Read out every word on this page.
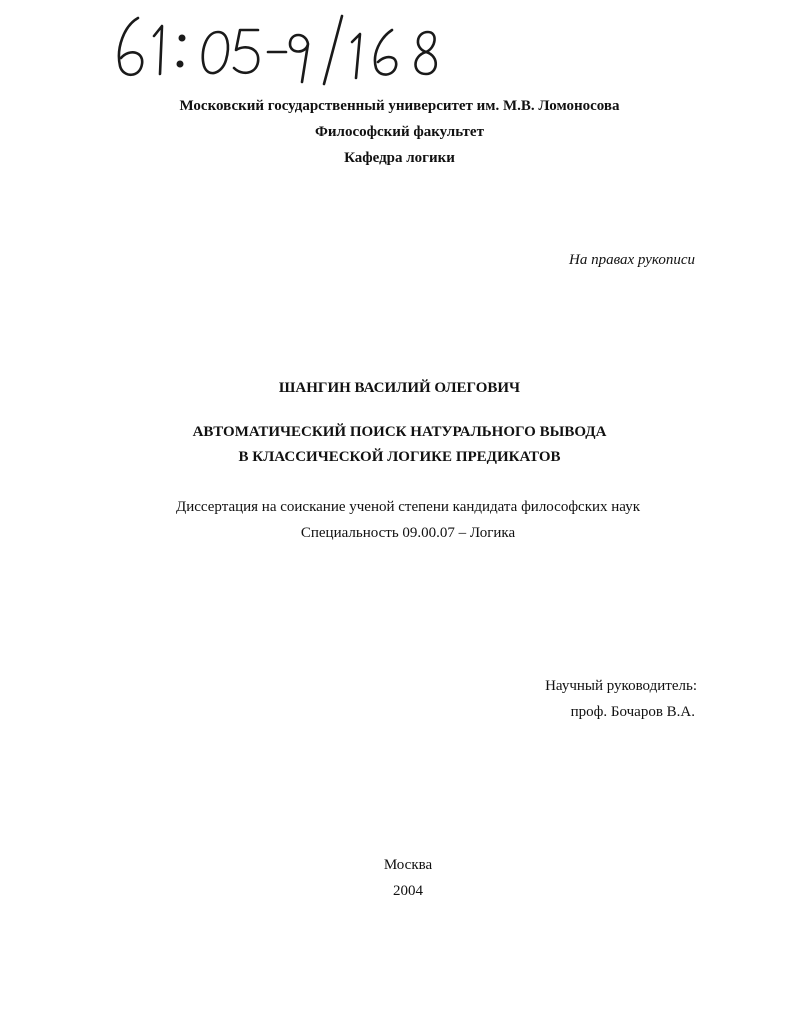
Московский государственный университет им. М.В. Ломоносова
Философский факультет
Кафедра логики
На правах рукописи
ШАНГИН ВАСИЛИЙ ОЛЕГОВИЧ
АВТОМАТИЧЕСКИЙ ПОИСК НАТУРАЛЬНОГО ВЫВОДА
В КЛАССИЧЕСКОЙ ЛОГИКЕ ПРЕДИКАТОВ
Диссертация на соискание ученой степени кандидата философских наук
Специальность 09.00.07 – Логика
Научный руководитель:
проф. Бочаров В.А.
Москва
2004
